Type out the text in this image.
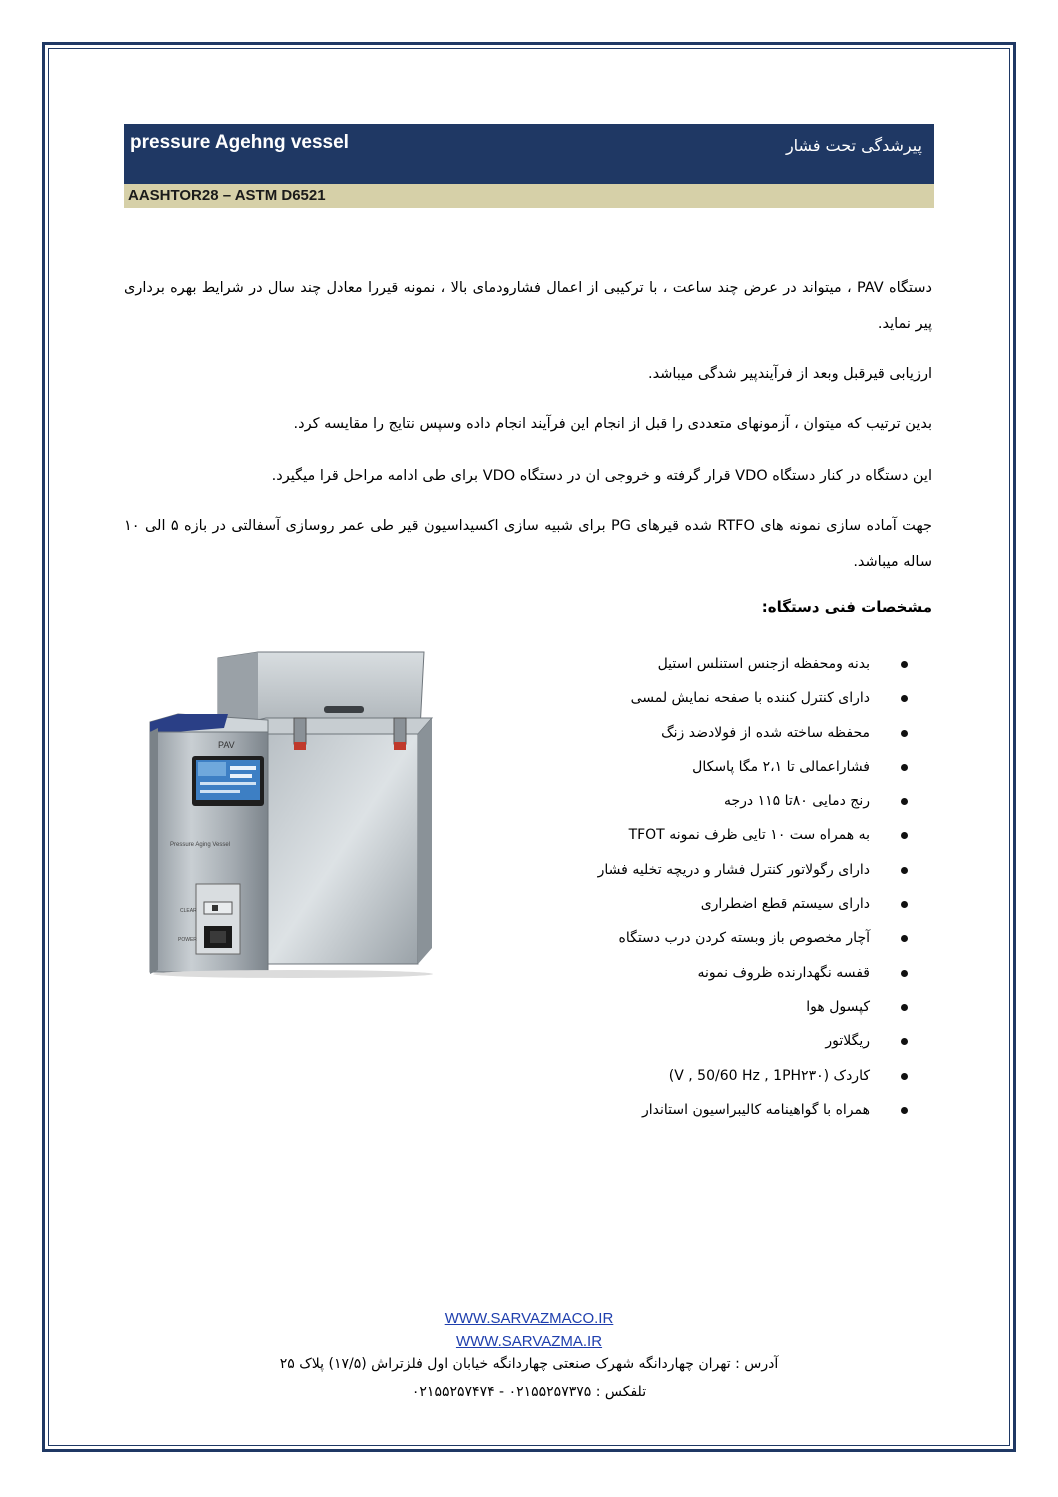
pressure Agehng vessel	پیرشدگی تحت فشار
AASHTOR28 – ASTM D6521
دستگاه PAV ، میتواند در عرض چند ساعت ، با ترکیبی از اعمال فشارودمای بالا ، نمونه قیررا معادل چند سال در شرایط بهره برداری پیر نماید.
ارزیابی قیرقبل وبعد از فرآیندپیر شدگی میباشد.
بدین ترتیب که میتوان ، آزمونهای متعددی را قبل از انجام این فرآیند انجام داده وسپس نتایج را مقایسه کرد.
این دستگاه در کنار دستگاه VDO قرار گرفته و خروجی ان در دستگاه VDO برای طی ادامه مراحل قرا میگیرد.
جهت آماده سازی نمونه های RTFO شده قیرهای PG برای شبیه سازی اکسیداسیون قیر طی عمر روسازی آسفالتی در بازه ۵ الی ۱۰ ساله میباشد.
مشخصات فنی دستگاه:
بدنه ومحفظه ازجنس استنلس استیل
دارای کنترل کننده با صفحه نمایش لمسی
محفظه ساخته شده از فولادضد زنگ
فشاراعمالی تا ۲،۱ مگا پاسکال
رنج دمایی ۸۰تا ۱۱۵ درجه
به همراه ست ۱۰ تایی ظرف نمونه TFOT
دارای رگولاتور کنترل فشار و دریچه تخلیه فشار
دارای سیستم قطع اضطراری
آچار مخصوص باز وبسته کردن درب دستگاه
قفسه نگهدارنده ظروف نمونه
کپسول هوا
ریگلاتور
کاردک (V , 50/60 Hz , 1PH۲۳۰)
همراه با گواهینامه کالیبراسیون استاندار
PAV
Pressure Aging Vessel
CLEAR
POWER
WWW.SARVAZMACO.IR
WWW.SARVAZMA.IR
آدرس : تهران چهاردانگه شهرک صنعتی چهاردانگه خیابان اول فلزتراش (۱۷/۵) پلاک ۲۵
تلفکس : ۰۲۱۵۵۲۵۷۳۷۵ - ۰۲۱۵۵۲۵۷۴۷۴
